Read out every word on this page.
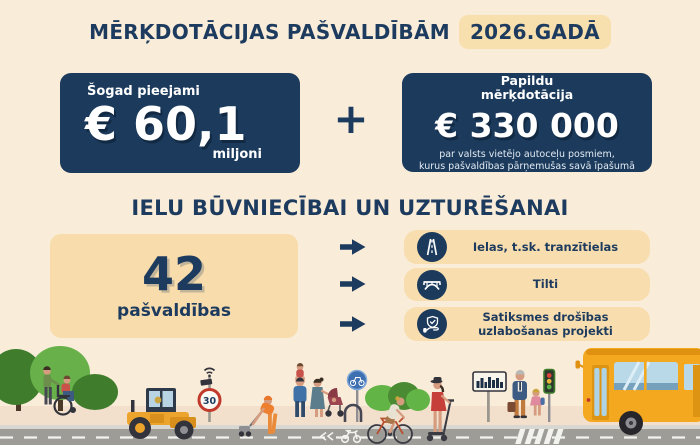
MĒRĶDOTĀCIJAS PAŠVALDĪBĀM	2026.GADĀ
Šogad pieejami
€ 60,1
miljoni
+
Papildu mērķdotācija
€ 330 000
par valsts vietējo autoceļu posmiem,
kurus pašvaldības pārņemušas savā īpašumā
IELU BŪVNIECĪBAI UN UZTURĒŠANAI
42
pašvaldības
Ielas, t.sk. tranzītielas
Tilti
Satiksmes drošības uzlabošanas projekti
30
